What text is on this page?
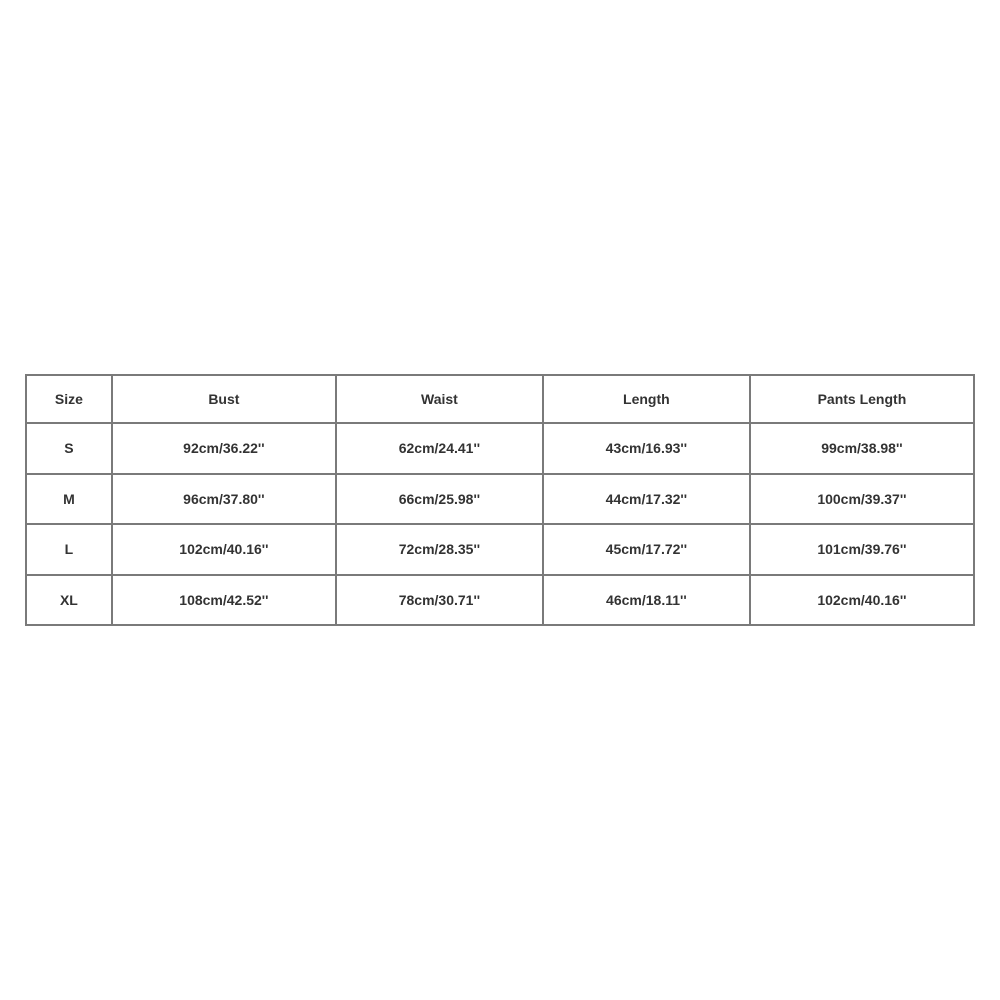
Size	Bust	Waist	Length	Pants Length
S	92cm/36.22''	62cm/24.41''	43cm/16.93''	99cm/38.98''
M	96cm/37.80''	66cm/25.98''	44cm/17.32''	100cm/39.37''
L	102cm/40.16''	72cm/28.35''	45cm/17.72''	101cm/39.76''
XL	108cm/42.52''	78cm/30.71''	46cm/18.11''	102cm/40.16''
